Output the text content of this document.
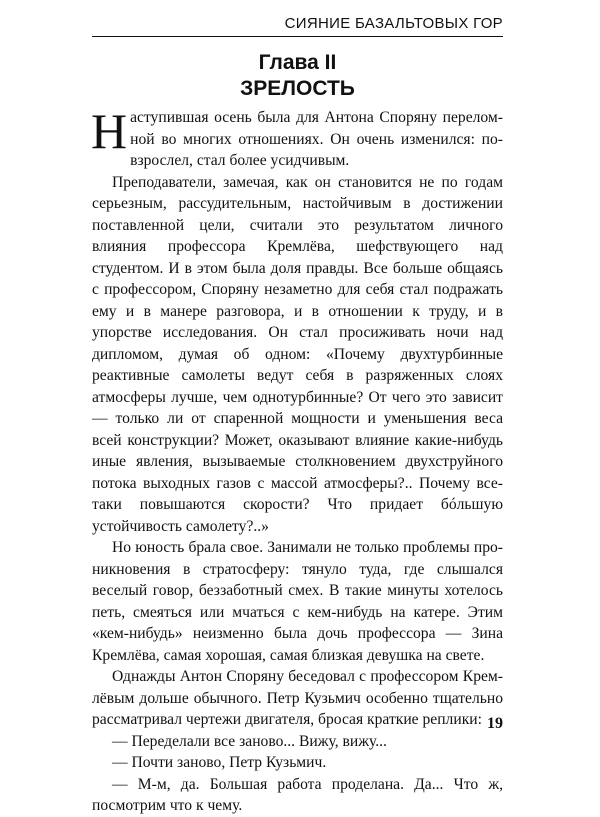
СИЯНИЕ БАЗАЛЬТОВЫХ ГОР
Глава II
ЗРЕЛОСТЬ

Наступившая осень была для Антона Споряну переломной во многих отношениях. Он очень изменился: повзрослел, стал более усидчивым.

Преподаватели, замечая, как он становится не по годам серьезным, рассудительным, настойчивым в достижении поставленной цели, считали это результатом личного влияния профессора Кремлёва, шефствующего над студентом. И в этом была доля правды. Все больше общаясь с профессором, Споряну незаметно для себя стал подражать ему и в манере разговора, и в отношении к труду, и в упорстве исследования. Он стал просиживать ночи над дипломом, думая об одном: «Почему двухтурбинные реактивные самолеты ведут себя в разряженных слоях атмосферы лучше, чем однотурбинные? От чего это зависит — только ли от спаренной мощности и уменьшения веса всей конструкции? Может, оказывают влияние какие-нибудь иные явления, вызываемые столкновением двухструйного потока выходных газов с массой атмосферы?.. Почему все-таки повышаются скорости? Что придает бóльшую устойчивость самолету?..»

Но юность брала свое. Занимали не только проблемы проникновения в стратосферу: тянуло туда, где слышался веселый говор, беззаботный смех. В такие минуты хотелось петь, смеяться или мчаться с кем-нибудь на катере. Этим «кем-нибудь» неизменно была дочь профессора — Зина Кремлёва, самая хорошая, самая близкая девушка на свете.

Однажды Антон Споряну беседовал с профессором Кремлёвым дольше обычного. Петр Кузьмич особенно тщательно рассматривал чертежи двигателя, бросая краткие реплики:

— Переделали все заново... Вижу, вижу...

— Почти заново, Петр Кузьмич.

— М-м, да. Большая работа проделана. Да... Что ж, посмотрим что к чему.

19
